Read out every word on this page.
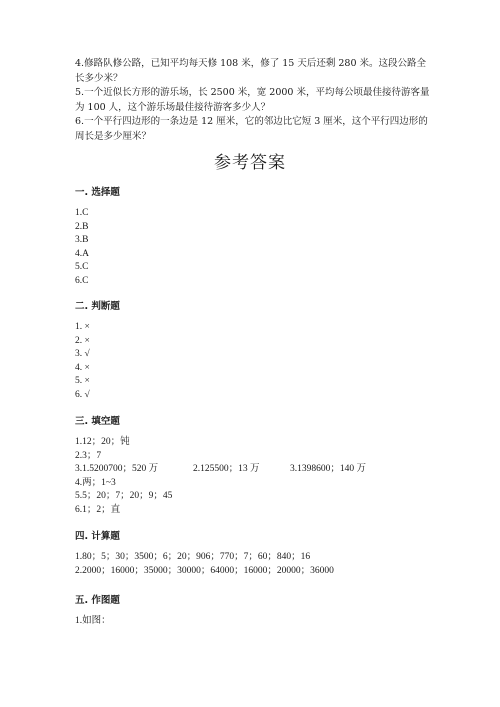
4.修路队修公路，已知平均每天修 108 米，修了 15 天后还剩 280 米。这段公路全长多少米？

5.一个近似长方形的游乐场，长 2500 米，宽 2000 米，平均每公顷最佳接待游客量为 100 人，这个游乐场最佳接待游客多少人？

6.一个平行四边形的一条边是 12 厘米，它的邻边比它短 3 厘米，这个平行四边形的周长是多少厘米？

参考答案
一. 选择题
1.C
2.B
3.B
4.A
5.C
6.C
二. 判断题
1. ×
2. ×
3. √
4. ×
5. ×
6. √
三. 填空题
1.12；20；钝
2.3；7
3.1.5200700；520 万	2.125500；13 万	3.1398600；140 万
4.两；1~3
5.5；20；7；20；9；45
6.1；2；直
四. 计算题
1.80；5；30；3500；6；20；906；770；7；60；840；16
2.2000；16000；35000；30000；64000；16000；20000；36000
五. 作图题
1.如图：
